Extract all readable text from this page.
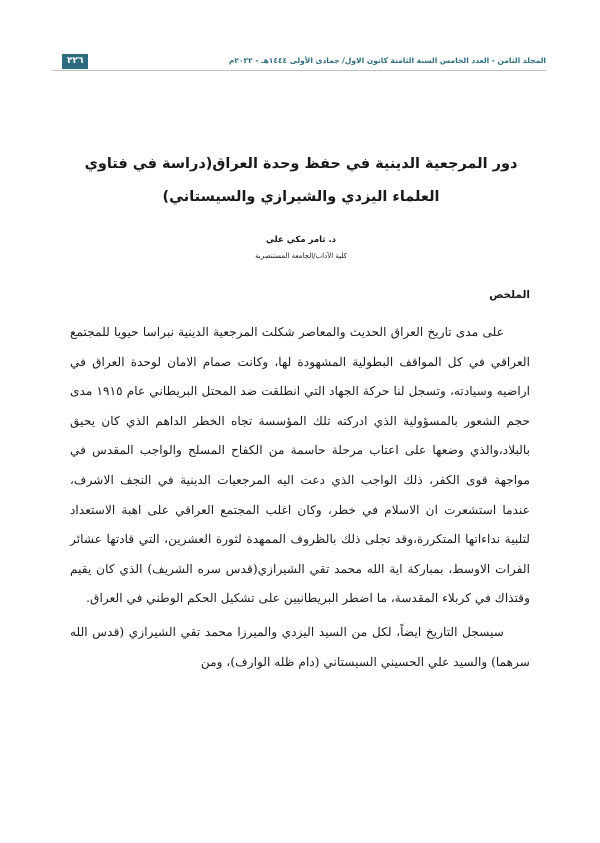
٣٢٦	المجلد الثامن - العدد الخامس السنة الثامنة كانون الاول/ جمادى الأولى ١٤٤٤هـ - ٢٠٢٢م
دور المرجعية الدينية في حفظ وحدة العراق(دراسة في فتاوي العلماء اليزدي والشيرازي والسيستاني)
د. ثامر مكي علي
كلية الآداب/الجامعة المستنصرية
الملخص

على مدى تاريخ العراق الحديث والمعاصر شكلت المرجعية الدينية نبراسا حيويا للمجتمع العراقي في كل المواقف البطولية المشهودة لها، وكانت صمام الامان لوحدة العراق في اراضيه وسيادته، وتسجل لنا حركة الجهاد التي انطلقت ضد المحتل البريطاني عام ١٩١٥ مدى حجم الشعور بالمسؤولية الذي ادركته تلك المؤسسة تجاه الخطر الداهم الذي كان يحيق بالبلاد،والذي وضعها على اعتاب مرحلة حاسمة من الكفاح المسلح والواجب المقدس في مواجهة قوى الكفر، ذلك الواجب الذي دعت اليه المرجعيات الدينية في النجف الاشرف، عندما استشعرت ان الاسلام في خطر، وكان اغلب المجتمع العراقي على اهبة الاستعداد لتلبية نداءاتها المتكررة،وقد تجلى ذلك بالظروف الممهدة لثورة العشرين، التي قادتها عشائر الفرات الاوسط، بمباركة اية الله محمد تقي الشيرازي(قدس سره الشريف) الذي كان يقيم وقتذاك في كربلاء المقدسة، ما اضطر البريطانيين على تشكيل الحكم الوطني في العراق.

سيسجل التاريخ ايضاً، لكل من السيد اليزدي والميرزا محمد تقي الشيرازي (قدس الله سرهما) والسيد علي الحسيني السيستاني (دام ظله الوارف)، ومن
